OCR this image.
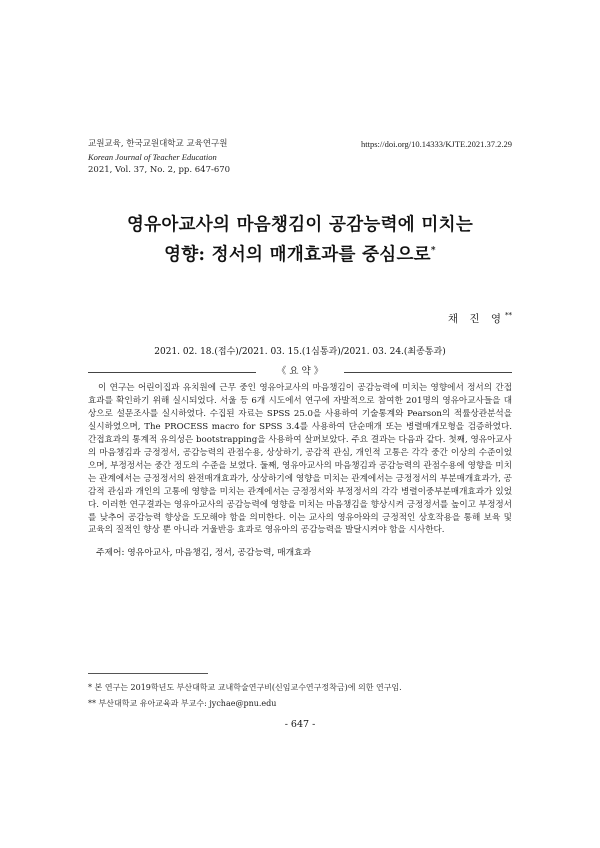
교원교육, 한국교원대학교 교육연구원
Korean Journal of Teacher Education
2021, Vol. 37, No. 2, pp. 647-670
https://doi.org/10.14333/KJTE.2021.37.2.29
영유아교사의 마음챙김이 공감능력에 미치는
영향: 정서의 매개효과를 중심으로*
채 진 영**
2021. 02. 18.(접수)/2021. 03. 15.(1심통과)/2021. 03. 24.(최종통과)
《 요 약 》
이 연구는 어린이집과 유치원에 근무 중인 영유아교사의 마음챙김이 공감능력에 미치는 영향에서 정서의 간접효과를 확인하기 위해 실시되었다. 서울 등 6개 시도에서 연구에 자발적으로 참여한 201명의 영유아교사들을 대상으로 설문조사를 실시하였다. 수집된 자료는 SPSS 25.0을 사용하여 기술통계와 Pearson의 적률상관분석을 실시하였으며, The PROCESS macro for SPSS 3.4를 사용하여 단순매개 또는 병렬매개모형을 검증하였다. 간접효과의 통계적 유의성은 bootstrapping을 사용하여 살펴보았다. 주요 결과는 다음과 같다. 첫째, 영유아교사의 마음챙김과 긍정정서, 공감능력의 관점수용, 상상하기, 공감적 관심, 개인적 고통은 각각 중간 이상의 수준이었으며, 부정정서는 중간 정도의 수준을 보였다. 둘째, 영유아교사의 마음챙김과 공감능력의 관점수용에 영향을 미치는 관계에서는 긍정정서의 완전매개효과가, 상상하기에 영향을 미치는 관계에서는 긍정정서의 부분매개효과가, 공감적 관심과 개인의 고통에 영향을 미치는 관계에서는 긍정정서와 부정정서의 각각 병렬이중부분매개효과가 있었다. 이러한 연구결과는 영유아교사의 공감능력에 영향을 미치는 마음챙김을 향상시켜 긍정정서를 높이고 부정정서를 낮추어 공감능력 향상을 도모해야 함을 의미한다. 이는 교사의 영유아와의 긍정적인 상호작용을 통해 보육 및 교육의 질적인 향상 뿐 아니라 거울반응 효과로 영유아의 공감능력을 발달시켜야 함을 시사한다.
주제어: 영유아교사, 마음챙김, 정서, 공감능력, 매개효과
* 본 연구는 2019학년도 부산대학교 교내학술연구비(신임교수연구정착금)에 의한 연구임.
** 부산대학교 유아교육과 부교수: jychae@pnu.edu
- 647 -
